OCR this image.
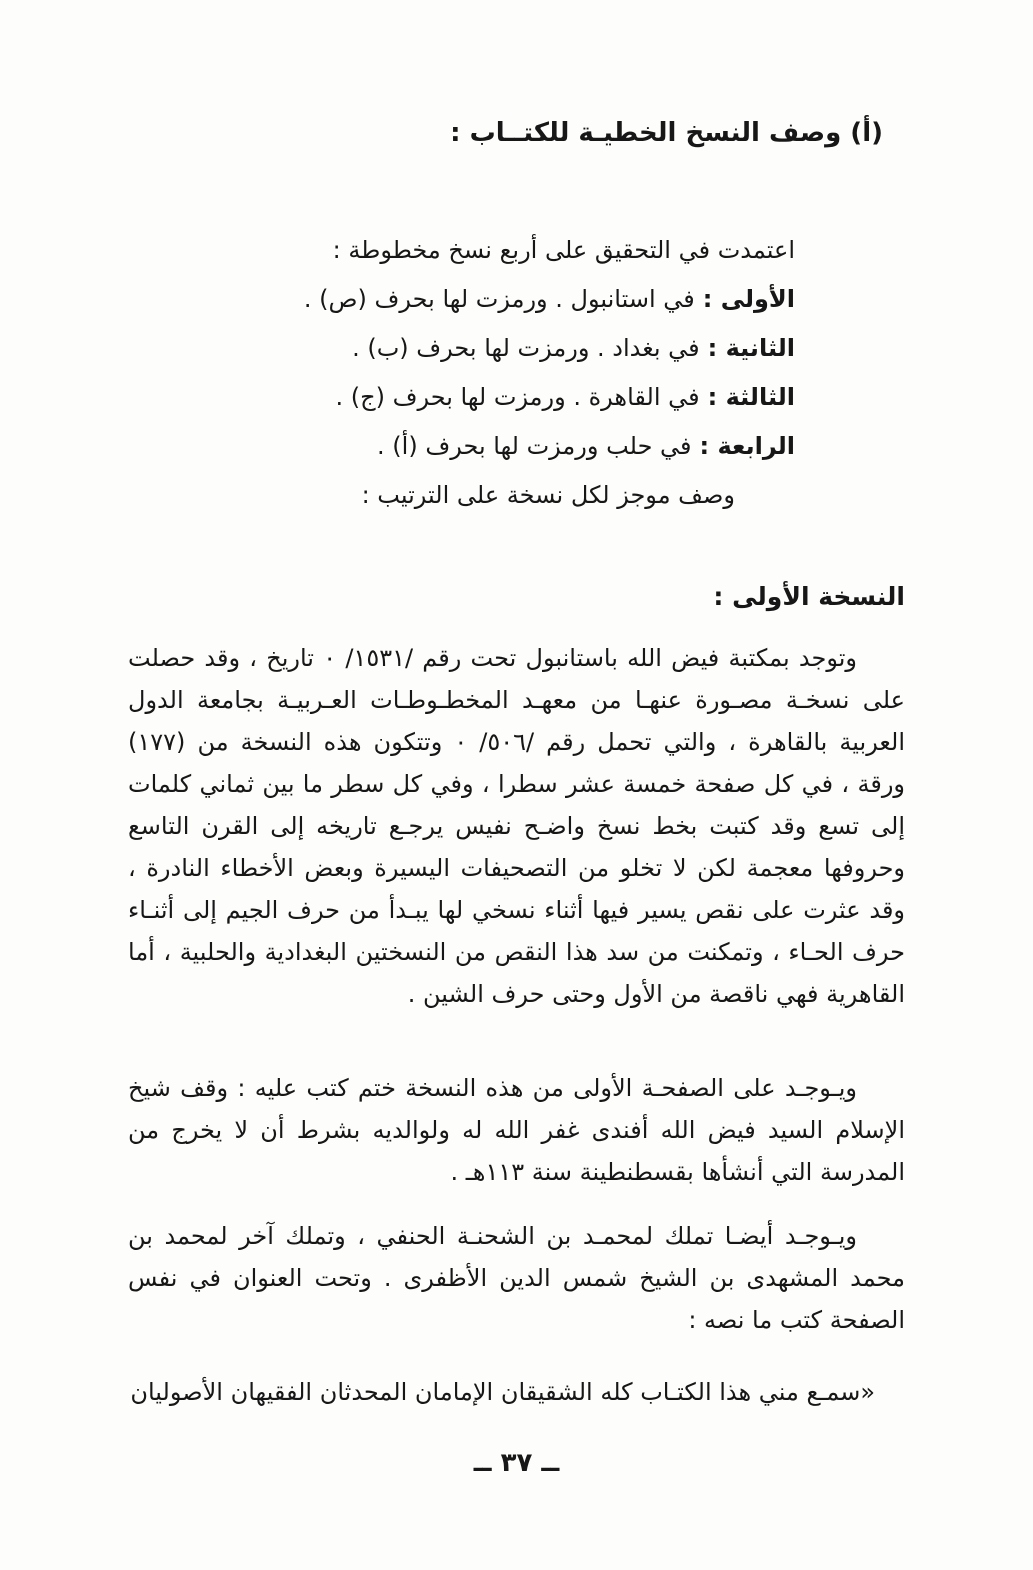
(أ) وصف النسخ الخطيـة للكتــاب :

اعتمدت في التحقيق على أربع نسخ مخطوطة :

الأولى :في استانبول . ورمزت لها بحرف (ص) .

الثانية :في بغداد . ورمزت لها بحرف (ب) .

الثالثة :في القاهرة . ورمزت لها بحرف (ج) .

الرابعة :في حلب ورمزت لها بحرف (أ) .

وصف موجز لكل نسخة على الترتيب :

النسخة الأولى :

وتوجد بمكتبة فيض الله باستانبول تحت رقم /١٥٣١/ ٠ تاريخ ، وقد حصلت على نسخـة مصـورة عنهـا من معهـد المخطـوطـات العـربيـة بجامعة الدول العربية بالقاهرة ، والتي تحمل رقم /٥٠٦/ ٠ وتتكون هذه النسخة من (١٧٧) ورقة ، في كل صفحة خمسة عشر سطرا ، وفي كل سطر ما بين ثماني كلمات إلى تسع وقد كتبت بخط نسخ واضـح نفيس يرجـع تاريخه إلى القرن التاسع وحروفها معجمة لكن لا تخلو من التصحيفات اليسيرة وبعض الأخطاء النادرة ، وقد عثرت على نقص يسير فيها أثناء نسخي لها يبـدأ من حرف الجيم إلى أثنـاء حرف الحـاء ، وتمكنت من سد هذا النقص من النسختين البغدادية والحلبية ، أما القاهرية فهي ناقصة من الأول وحتى حرف الشين .

ويـوجـد على الصفحـة الأولى من هذه النسخة ختم كتب عليه : وقف شيخ الإسلام السيد فيض الله أفندى غفر الله له ولوالديه بشرط أن لا يخرج من المدرسة التي أنشأها بقسطنطينة سنة ١١٣هـ .

ويـوجـد أيضـا تملك لمحمـد بن الشحنـة الحنفي ، وتملك آخر لمحمد بن محمد المشهدى بن الشيخ شمس الدين الأظفرى . وتحت العنوان في نفس الصفحة كتب ما نصه :

«سمـع مني هذا الكتـاب كله الشقيقان الإمامان المحدثان الفقيهان الأصوليان

ــ ٣٧ ــ
